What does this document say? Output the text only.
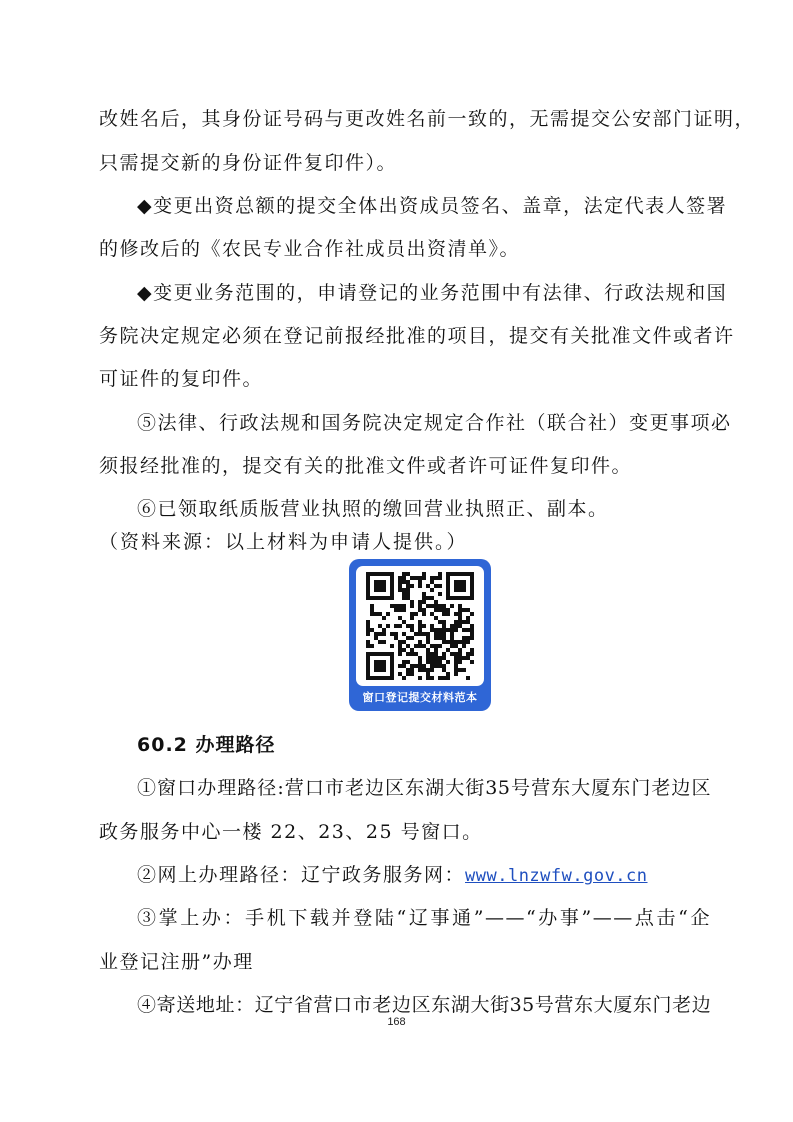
改姓名后，其身份证号码与更改姓名前一致的，无需提交公安部门证明，
只需提交新的身份证件复印件）。
◆变更出资总额的提交全体出资成员签名、盖章，法定代表人签署
的修改后的《农民专业合作社成员出资清单》。
◆变更业务范围的，申请登记的业务范围中有法律、行政法规和国
务院决定规定必须在登记前报经批准的项目，提交有关批准文件或者许
可证件的复印件。
⑤法律、行政法规和国务院决定规定合作社（联合社）变更事项必
须报经批准的，提交有关的批准文件或者许可证件复印件。
⑥已领取纸质版营业执照的缴回营业执照正、副本。
（资料来源：以上材料为申请人提供。）
窗口登记提交材料范本
60.2 办理路径
①窗口办理路径:营口市老边区东湖大街35号营东大厦东门老边区
政务服务中心一楼 22、23、25 号窗口。
②网上办理路径：辽宁政务服务网：www.lnzwfw.gov.cn
③掌上办：手机下载并登陆“辽事通”——“办事”——点击“企
业登记注册”办理
④寄送地址：辽宁省营口市老边区东湖大街35号营东大厦东门老边
168
